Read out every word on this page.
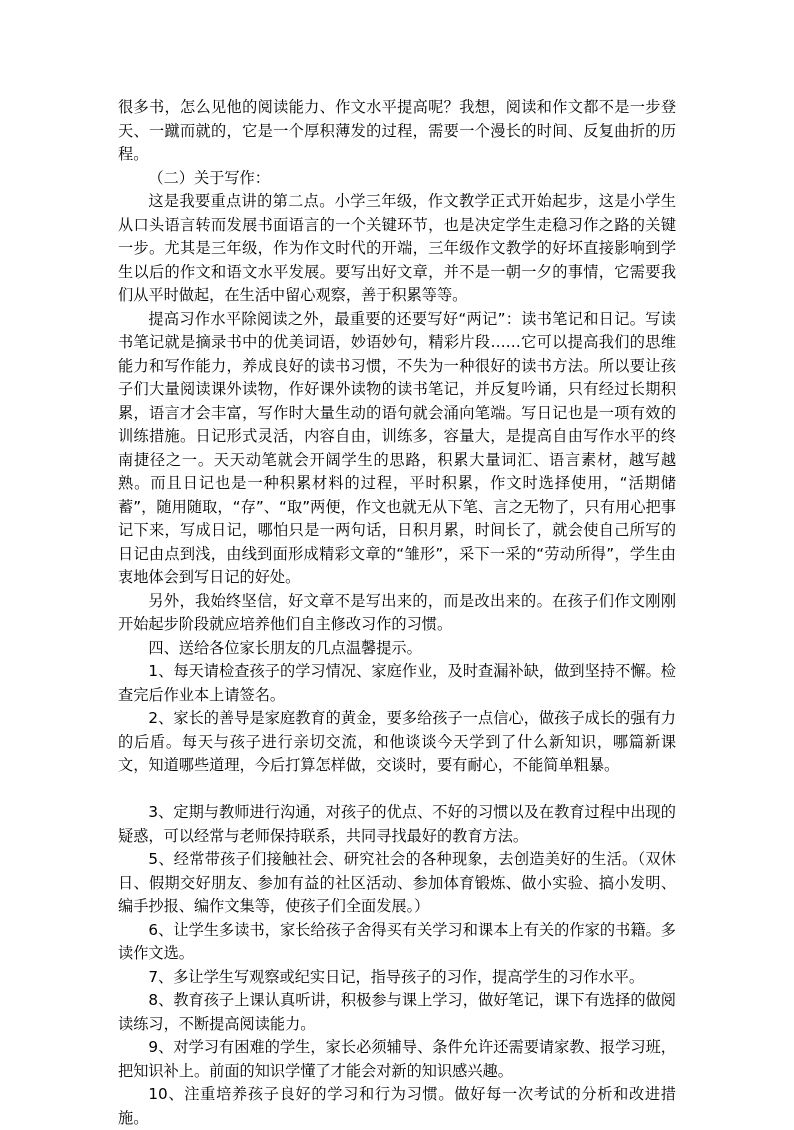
很多书，怎么见他的阅读能力、作文水平提高呢？我想，阅读和作文都不是一步登天、一蹴而就的，它是一个厚积薄发的过程，需要一个漫长的时间、反复曲折的历程。

（二）关于写作：

这是我要重点讲的第二点。小学三年级，作文教学正式开始起步，这是小学生从口头语言转而发展书面语言的一个关键环节，也是决定学生走稳习作之路的关键一步。尤其是三年级，作为作文时代的开端，三年级作文教学的好坏直接影响到学生以后的作文和语文水平发展。要写出好文章，并不是一朝一夕的事情，它需要我们从平时做起，在生活中留心观察，善于积累等等。

提高习作水平除阅读之外，最重要的还要写好“两记”：读书笔记和日记。写读书笔记就是摘录书中的优美词语，妙语妙句，精彩片段……它可以提高我们的思维能力和写作能力，养成良好的读书习惯，不失为一种很好的读书方法。所以要让孩子们大量阅读课外读物，作好课外读物的读书笔记，并反复吟诵，只有经过长期积累，语言才会丰富，写作时大量生动的语句就会涌向笔端。写日记也是一项有效的训练措施。日记形式灵活，内容自由，训练多，容量大，是提高自由写作水平的终南捷径之一。天天动笔就会开阔学生的思路，积累大量词汇、语言素材，越写越熟。而且日记也是一种积累材料的过程，平时积累，作文时选择使用，“活期储蓄”，随用随取，“存”、“取”两便，作文也就无从下笔、言之无物了，只有用心把事记下来，写成日记，哪怕只是一两句话，日积月累，时间长了，就会使自己所写的日记由点到浅，由线到面形成精彩文章的“雏形”，采下一采的“劳动所得”，学生由衷地体会到写日记的好处。

另外，我始终坚信，好文章不是写出来的，而是改出来的。在孩子们作文刚刚开始起步阶段就应培养他们自主修改习作的习惯。

四、送给各位家长朋友的几点温馨提示。

1、每天请检查孩子的学习情况、家庭作业，及时查漏补缺，做到坚持不懈。检查完后作业本上请签名。

2、家长的善导是家庭教育的黄金，要多给孩子一点信心，做孩子成长的强有力的后盾。每天与孩子进行亲切交流，和他谈谈今天学到了什么新知识，哪篇新课文，知道哪些道理，今后打算怎样做，交谈时，要有耐心，不能简单粗暴。

3、定期与教师进行沟通，对孩子的优点、不好的习惯以及在教育过程中出现的疑惑，可以经常与老师保持联系，共同寻找最好的教育方法。

5、经常带孩子们接触社会、研究社会的各种现象，去创造美好的生活。（双休日、假期交好朋友、参加有益的社区活动、参加体育锻炼、做小实验、搞小发明、编手抄报、编作文集等，使孩子们全面发展。）

6、让学生多读书，家长给孩子舍得买有关学习和课本上有关的作家的书籍。多读作文选。

7、多让学生写观察或纪实日记，指导孩子的习作，提高学生的习作水平。

8、教育孩子上课认真听讲，积极参与课上学习，做好笔记，课下有选择的做阅读练习，不断提高阅读能力。

9、对学习有困难的学生，家长必须辅导、条件允许还需要请家教、报学习班，把知识补上。前面的知识学懂了才能会对新的知识感兴趣。

10、注重培养孩子良好的学习和行为习惯。做好每一次考试的分析和改进措施。
